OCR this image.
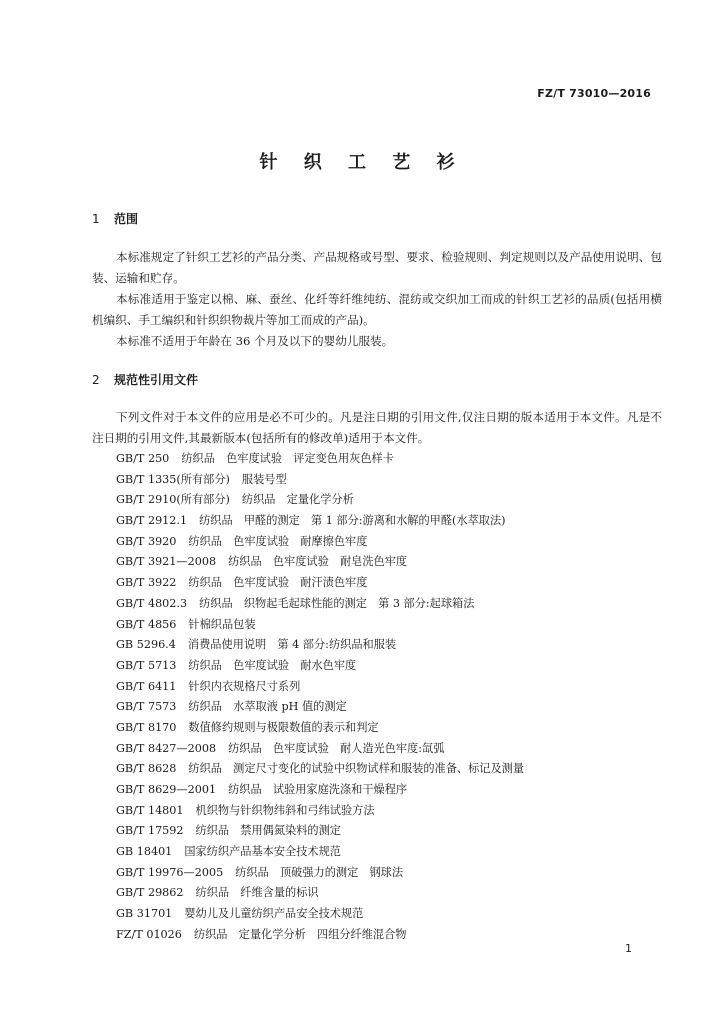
FZ/T 73010—2016
针 织 工 艺 衫
1 范围
本标准规定了针织工艺衫的产品分类、产品规格或号型、要求、检验规则、判定规则以及产品使用说明、包装、运输和贮存。
本标准适用于鉴定以棉、麻、蚕丝、化纤等纤维纯纺、混纺或交织加工而成的针织工艺衫的品质(包括用横机编织、手工编织和针织织物裁片等加工而成的产品)。
本标准不适用于年龄在 36 个月及以下的婴幼儿服装。
2 规范性引用文件
下列文件对于本文件的应用是必不可少的。凡是注日期的引用文件,仅注日期的版本适用于本文件。凡是不注日期的引用文件,其最新版本(包括所有的修改单)适用于本文件。
GB/T 250 纺织品　色牢度试验　评定变色用灰色样卡
GB/T 1335(所有部分) 服装号型
GB/T 2910(所有部分) 纺织品　定量化学分析
GB/T 2912.1 纺织品　甲醛的测定　第 1 部分:游离和水解的甲醛(水萃取法)
GB/T 3920 纺织品　色牢度试验　耐摩擦色牢度
GB/T 3921—2008 纺织品　色牢度试验　耐皂洗色牢度
GB/T 3922 纺织品　色牢度试验　耐汗渍色牢度
GB/T 4802.3 纺织品　织物起毛起球性能的测定　第 3 部分:起球箱法
GB/T 4856 针棉织品包装
GB 5296.4 消费品使用说明　第 4 部分:纺织品和服装
GB/T 5713 纺织品　色牢度试验　耐水色牢度
GB/T 6411 针织内衣规格尺寸系列
GB/T 7573 纺织品　水萃取液 pH 值的测定
GB/T 8170 数值修约规则与极限数值的表示和判定
GB/T 8427—2008 纺织品　色牢度试验　耐人造光色牢度:氙弧
GB/T 8628 纺织品　测定尺寸变化的试验中织物试样和服装的准备、标记及测量
GB/T 8629—2001 纺织品　试验用家庭洗涤和干燥程序
GB/T 14801 机织物与针织物纬斜和弓纬试验方法
GB/T 17592 纺织品　禁用偶氮染料的测定
GB 18401 国家纺织产品基本安全技术规范
GB/T 19976—2005 纺织品　顶破强力的测定　钢球法
GB/T 29862 纺织品　纤维含量的标识
GB 31701 婴幼儿及儿童纺织产品安全技术规范
FZ/T 01026 纺织品　定量化学分析　四组分纤维混合物
1
